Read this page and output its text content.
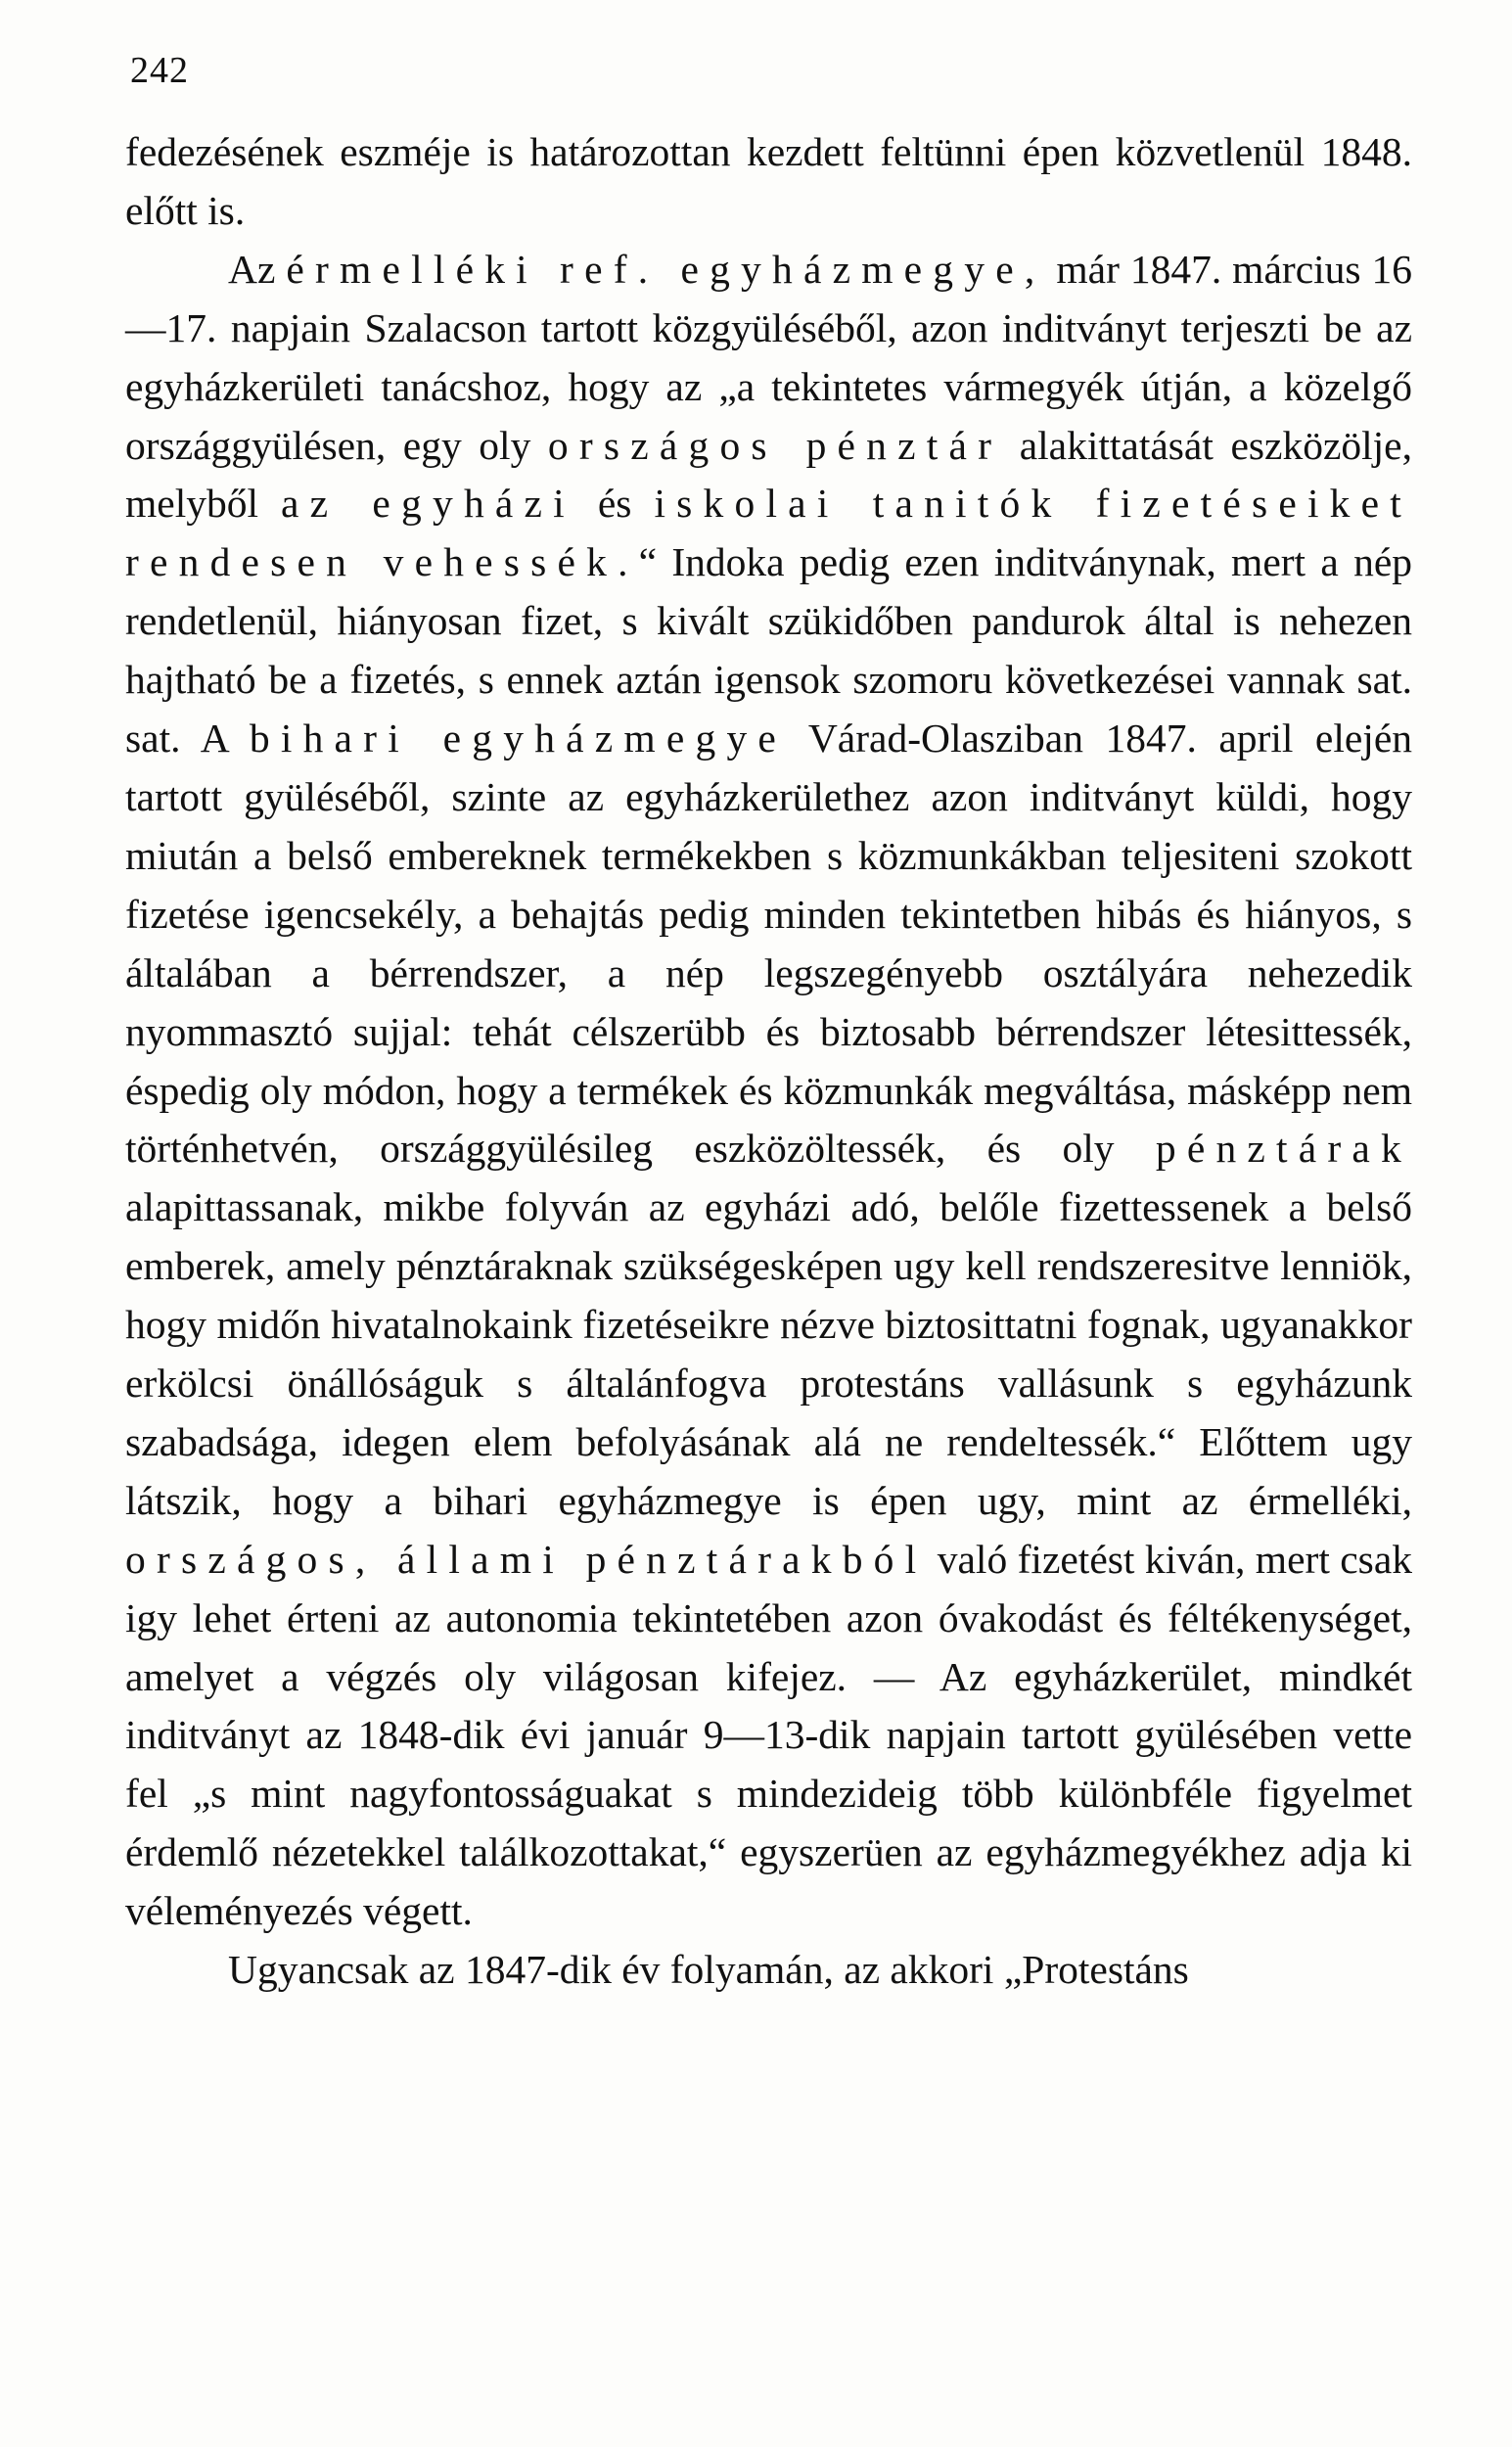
242

fedezésének eszméje is határozottan kezdett feltünni épen közvetlenül 1848. előtt is.

Az érmelléki ref. egyházmegye, már 1847. március 16—17. napjain Szalacson tartott közgyüléséből, azon inditványt terjeszti be az egyházkerületi tanácshoz, hogy az „a tekintetes vármegyék útján, a közelgő országgyülésen, egy oly országos pénztár alakittatását eszközölje, melyből az egyházi és iskolai tanitók fizetéseiket rendesen vehessék.“ Indoka pedig ezen inditványnak, mert a nép rendetlenül, hiányosan fizet, s kivált szükidőben pandurok által is nehezen hajtható be a fizetés, s ennek aztán igensok szomoru következései vannak sat. sat. A bihari egyházmegye Várad-Olasziban 1847. april elején tartott gyüléséből, szinte az egyházkerülethez azon inditványt küldi, hogy miután a belső embereknek termékekben s közmunkákban teljesiteni szokott fizetése igencsekély, a behajtás pedig minden tekintetben hibás és hiányos, s általában a bérrendszer, a nép legszegényebb osztályára nehezedik nyommasztó sujjal: tehát célszerübb és biztosabb bérrendszer létesittessék, éspedig oly módon, hogy a termékek és közmunkák megváltása, másképp nem történhetvén, országgyülésileg eszközöltessék, és oly pénztárak alapittassanak, mikbe folyván az egyházi adó, belőle fizettessenek a belső emberek, amely pénztáraknak szükségesképen ugy kell rendszeresitve lenniök, hogy midőn hivatalnokaink fizetéseikre nézve biztosittatni fognak, ugyanakkor erkölcsi önállóságuk s általánfogva protestáns vallásunk s egyházunk szabadsága, idegen elem befolyásának alá ne rendeltessék.“ Előttem ugy látszik, hogy a bihari egyházmegye is épen ugy, mint az érmelléki, országos, állami pénztárakból való fizetést kiván, mert csak igy lehet érteni az autonomia tekintetében azon óvakodást és féltékenységet, amelyet a végzés oly világosan kifejez. — Az egyházkerület, mindkét inditványt az 1848-dik évi január 9—13-dik napjain tartott gyülésében vette fel „s mint nagyfontosságuakat s mindezideig több különbféle figyelmet érdemlő nézetekkel találkozottakat,“ egyszerüen az egyházmegyékhez adja ki véleményezés végett.

Ugyancsak az 1847-dik év folyamán, az akkori „Protestáns
